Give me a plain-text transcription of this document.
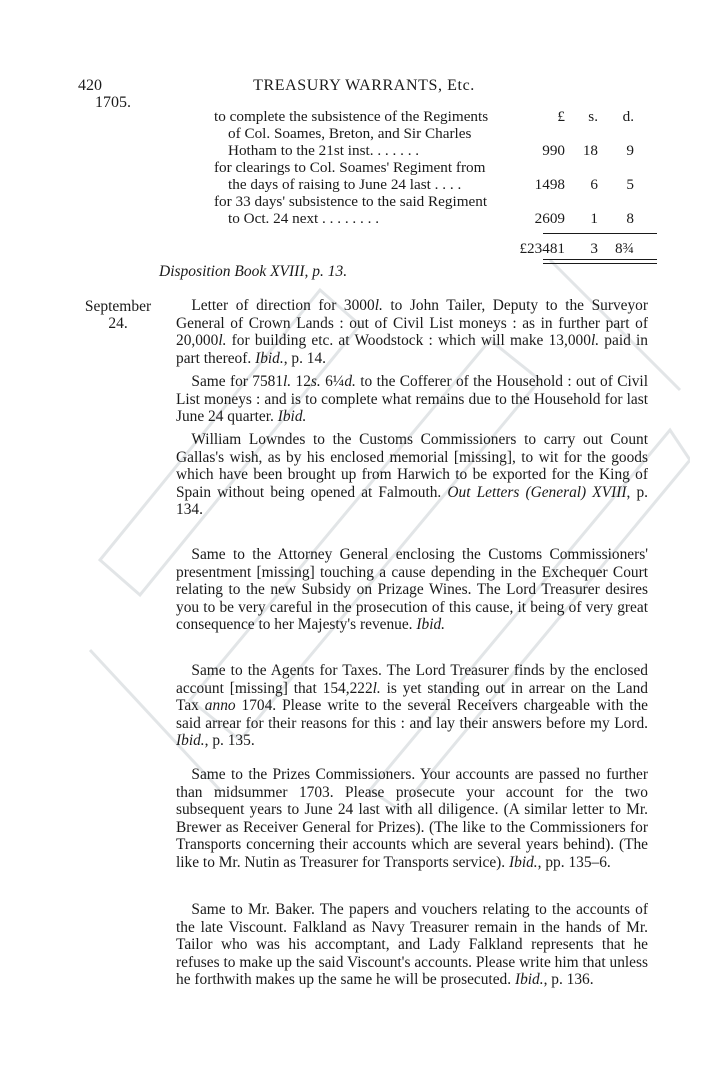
420
1705.
TREASURY WARRANTS, Etc.
to complete the subsistence of the Regiments	£ s. d.
of Col. Soames, Breton, and Sir Charles
Hotham to the 21st inst. . . . . . .	990 18 9
for clearings to Col. Soames' Regiment from
the days of raising to June 24 last . . . .	1498 6 5
for 33 days' subsistence to the said Regiment
to Oct. 24 next . . . . . . . .	2609 1 8
£23481 3 8¾
Disposition Book XVIII, p. 13.
September
24.

 Letter of direction for 3000l. to John Tailer, Deputy to the Surveyor General of Crown Lands : out of Civil List moneys : as in further part of 20,000l. for building etc. at Woodstock : which will make 13,000l. paid in part thereof. Ibid., p. 14.

 Same for 7581l. 12s. 6¼d. to the Cofferer of the Household : out of Civil List moneys : and is to complete what remains due to the Household for last June 24 quarter. Ibid.

 William Lowndes to the Customs Commissioners to carry out Count Gallas's wish, as by his enclosed memorial [missing], to wit for the goods which have been brought up from Harwich to be exported for the King of Spain without being opened at Falmouth. Out Letters (General) XVIII, p. 134.

 Same to the Attorney General enclosing the Customs Commissioners' presentment [missing] touching a cause depending in the Exchequer Court relating to the new Subsidy on Prizage Wines. The Lord Treasurer desires you to be very careful in the prosecution of this cause, it being of very great consequence to her Majesty's revenue. Ibid.

 Same to the Agents for Taxes. The Lord Treasurer finds by the enclosed account [missing] that 154,222l. is yet standing out in arrear on the Land Tax anno 1704. Please write to the several Receivers chargeable with the said arrear for their reasons for this : and lay their answers before my Lord. Ibid., p. 135.

 Same to the Prizes Commissioners. Your accounts are passed no further than midsummer 1703. Please prosecute your account for the two subsequent years to June 24 last with all diligence. (A similar letter to Mr. Brewer as Receiver General for Prizes). (The like to the Commissioners for Transports concerning their accounts which are several years behind). (The like to Mr. Nutin as Treasurer for Transports service). Ibid., pp. 135–6.

 Same to Mr. Baker. The papers and vouchers relating to the accounts of the late Viscount. Falkland as Navy Treasurer remain in the hands of Mr. Tailor who was his accomptant, and Lady Falkland represents that he refuses to make up the said Viscount's accounts. Please write him that unless he forthwith makes up the same he will be prosecuted. Ibid., p. 136.
